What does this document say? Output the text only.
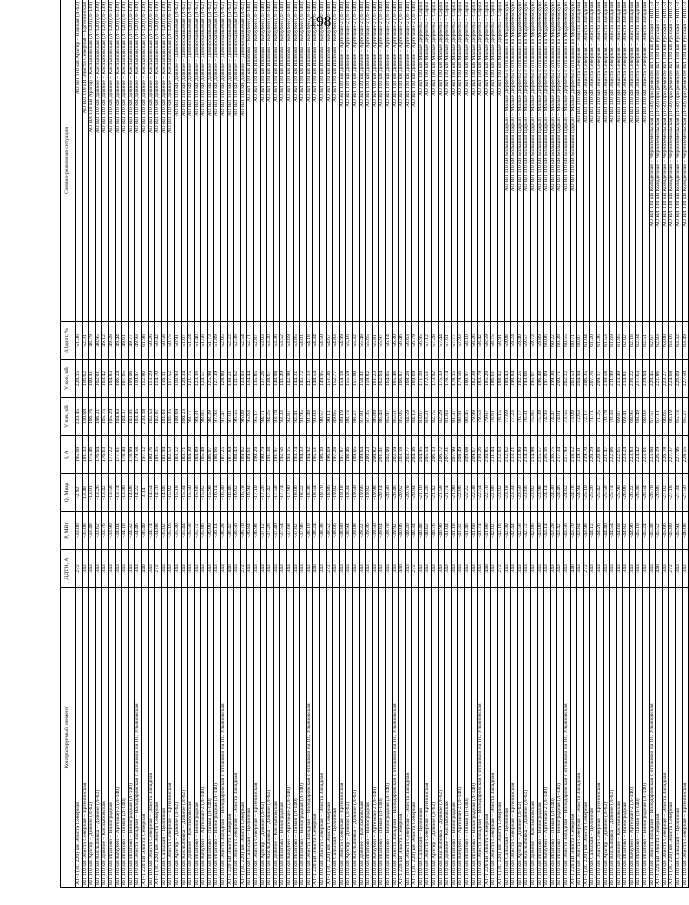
198
Контролируемый элемент	ДДТН, А	P, МВт	Q, Мвар	I, А	V нач, кВ	V кон, кВ	Δ Iдопт, %	Схемно-режимная ситуация
АТ-1 (3С 220) кВ Элиста Северная	272	-33.00	-2.92	195.60	233.45	220.15	51.36	АО ВЛ 110 кВ Арзгир – Южная (Л-62)
ВЛ 110 кВ Элиста Северная – Ергенинская	343	-35.08	13.48	181.33	110.68	116.62	52.31	АО ВЛ 110 кВ Элиста Северная – Ергенинская
ВЛ 110 кВ Арзгир – Дивное (Л-62)	343	-33.48	-13.01	175.46	106.76	100.41	48.79	АО ВЛ 110 кВ Арзгир – Кислыбовская (Л-120) (Л-139)
ВЛ 110 кВ Кислыбовка – Дивное (Л-62)	343	-33.62	-13.26	176.04	106.21	102.01	48.95	АО ВЛ 110 кВ Дивное – Кислыбовская (Л-120) (Л-139)
ВЛ 110 кВ Дивное – Кислыбовская	343	-33.76	-13.42	176.63	105.75	103.42	49.12	АО ВЛ 110 кВ Дивное – Кислыбовская (Л-120) (Л-139)
ВЛ 110 кВ Ипатово – Виноградная	343	-33.90	-13.58	177.22	105.29	104.83	49.28	АО ВЛ 110 кВ Дивное – Кислыбовская (Л-120) (Л-139)
ВЛ 110 кВ Кочубей – Артезиан-2 (Л-140)	343	-34.04	-13.74	177.81	104.83	106.24	49.44	АО ВЛ 110 кВ Дивное – Кислыбовская (Л-120) (Л-139)
ВЛ 110 кВ Ипатово – Лиман (Л-140)	343	-34.18	-13.90	178.40	104.37	107.65	49.61	АО ВЛ 110 кВ Дивное – Кислыбовская (Л-120) (Л-139)
ВЛ 110 кВ Ипатово – Виноградная (Л-140)	343	-34.32	-14.06	178.99	103.91	109.06	49.77	АО ВЛ 110 кВ Дивное – Кислыбовская (Л-120) (Л-139)
ВЛ 110 кВ Элиста Западная – Володаровская с отпайкой на ПС Ульяновская	343	-34.46	-14.22	179.58	103.45	110.47	49.93	АО ВЛ 110 кВ Дивное – Кислыбовская (Л-120) (Л-139)
АТ-1 220 кВ Элиста Северная	440	-36.40	3.14	197.12	210.18	112.80	61.98	АО ВЛ 110 кВ Дивное – Кислыбовская (Л-120) (Л-139)
ВЛ 110 кВ Элиста Северная – Элиста Западная	343	-34.74	-14.54	180.76	102.53	113.29	50.26	АО ВЛ 110 кВ Дивное – Кислыбовская (Л-120) (Л-139)
АТ-1 (3С 220) кВ Элиста Северная	272	-34.88	-14.70	181.35	102.07	114.70	50.42	АО ВЛ 110 кВ Дивное – Кислыбовская (Л-120) (Л-139)
ВЛ 110 кВ Сальская – Целинная	343	-35.02	-14.86	181.94	101.61	116.11	50.58	АО ВЛ 110 кВ Дивное – Кислыбовская (Л-120) (Л-139)
ВЛ 110 кВ Элиста Северная – Ергенинская	343	-35.16	-15.02	182.53	101.15	117.52	50.75	АО ВЛ 110 кВ Дивное – Кислыбовская (Л-120) (Л-139)
ВЛ 110 кВ Арзгир – Дивное (Л-62)	343	-35.30	-15.18	183.12	100.69	118.93	50.91	АО ВЛ 110 кВ Дивное – Дивноскамьевая (Л-62)
ВЛ 110 кВ Кислыбовка – Дивное (Л-62)	343	-35.44	-15.34	183.71	100.23	120.34	51.07	АО ВЛ 110 кВ Дивное – Дивноскамьевая (Л-62)
ВЛ 110 кВ Дивное – Кислыбовская	343	-35.58	-15.50	184.30	99.77	121.75	51.24	АО ВЛ 110 кВ Дивное – Дивноскамьевая (Л-62)
ВЛ 110 кВ Ипатово – Виноградная	343	-35.72	-15.66	184.89	99.31	123.16	51.40	АО ВЛ 110 кВ Дивное – Дивноскамьевая (Л-62)
ВЛ 110 кВ Кочубей – Артезиан-2 (Л-140)	343	-35.86	-15.82	185.48	98.85	124.57	51.56	АО ВЛ 110 кВ Дивное – Дивноскамьевая (Л-62)
ВЛ 110 кВ Ипатово – Лиман (Л-140)	343	-36.00	-15.98	186.07	98.39	125.98	51.73	АО ВЛ 110 кВ Дивное – Дивноскамьевая (Л-62)
ВЛ 110 кВ Ипатово – Виноградная (Л-140)	343	-36.14	-16.14	186.66	97.93	127.39	51.89	АО ВЛ 110 кВ Дивное – Дивноскамьевая (Л-62)
ВЛ 110 кВ Элиста Западная – Володаровская с отпайкой на ПС Ульяновская	343	-36.28	-16.30	187.25	97.47	128.80	52.05	АО ВЛ 110 кВ Дивное – Дивноскамьевая (Л-62)
АТ-1 220 кВ Элиста Северная	440	-36.42	-16.46	187.84	97.01	130.21	52.22	АО ВЛ 110 кВ Дивное – Дивноскамьевая (Л-62)
ВЛ 110 кВ Элиста Северная – Элиста Западная	343	-36.56	-16.62	188.43	96.55	131.62	52.38	АО ВЛ 110 кВ Дивное – Дивноскамьевая (Л-62)
АТ-1 (3С 220) кВ Элиста Северная	272	-36.70	-16.78	189.02	96.09	133.03	52.54	АО ВЛ 110 кВ Дивное – Дивноскамьевая (Л-62)
ВЛ 110 кВ Сальская – Целинная	343	-36.84	-16.94	189.61	95.63	134.44	52.71	АО ВЛ 110 кВ Ипатово – Кочубей (Л-140)
ВЛ 110 кВ Элиста Северная – Ергенинская	343	-36.98	-17.10	190.20	95.17	135.85	52.87	АО ВЛ 110 кВ Ипатово – Кочубей (Л-140)
ВЛ 110 кВ Арзгир – Дивное (Л-62)	343	-37.12	-17.26	190.79	94.71	137.26	53.03	АО ВЛ 110 кВ Ипатово – Кочубей (Л-140)
ВЛ 110 кВ Кислыбовка – Дивное (Л-62)	343	-37.26	-17.42	191.38	94.25	138.67	53.20	АО ВЛ 110 кВ Ипатово – Кочубей (Л-140)
ВЛ 110 кВ Дивное – Кислыбовская	343	-37.40	-17.58	191.97	93.79	140.08	53.36	АО ВЛ 110 кВ Ипатово – Кочубей (Л-140)
ВЛ 110 кВ Ипатово – Виноградная	343	-37.54	-17.74	192.56	93.33	141.49	53.52	АО ВЛ 110 кВ Ипатово – Кочубей (Л-140)
ВЛ 110 кВ Кочубей – Артезиан-2 (Л-140)	343	-37.68	-17.90	193.15	92.87	142.90	53.69	АО ВЛ 110 кВ Ипатово – Кочубей (Л-140)
ВЛ 110 кВ Ипатово – Лиман (Л-140)	343	-37.82	-18.06	193.74	92.41	144.31	53.85	АО ВЛ 110 кВ Ипатово – Кочубей (Л-140)
ВЛ 110 кВ Ипатово – Виноградная (Л-140)	343	-37.96	-18.22	194.33	91.95	145.72	54.01	АО ВЛ 110 кВ Ипатово – Кочубей (Л-140)
ВЛ 110 кВ Элиста Западная – Володаровская с отпайкой на ПС Ульяновская	343	-38.10	-18.38	194.92	91.49	147.13	54.18	АО ВЛ 110 кВ Ипатово – Кочубей (Л-140)
АТ-1 220 кВ Элиста Северная	440	-38.24	-18.54	195.51	91.03	148.54	54.34	АО ВЛ 110 кВ Ипатово – Кочубей (Л-140)
ВЛ 110 кВ Элиста Северная – Элиста Западная	343	-38.38	-18.70	196.10	90.57	149.95	54.50	АО ВЛ 110 кВ Ипатово – Кочубей (Л-140)
АТ-1 (3С 220) кВ Элиста Северная	272	-38.52	-18.86	196.69	90.11	151.36	54.67	АО ВЛ 110 кВ Ипатово – Кочубей (Л-140)
ВЛ 110 кВ Сальская – Целинная	343	-38.66	-19.02	197.28	89.65	152.77	54.83	АО ВЛ 110 кВ Ипатово – Кочубей (Л-140)
ВЛ 110 кВ Элиста Северная – Ергенинская	343	-38.80	-19.18	197.87	89.19	154.18	54.99	АО ВЛ 110 кВ Дивное – Артезиан-2 (Л-140)
ВЛ 110 кВ Арзгир – Дивное (Л-62)	343	-38.94	-19.34	198.46	88.73	155.59	55.16	АО ВЛ 110 кВ Дивное – Артезиан-2 (Л-140)
ВЛ 110 кВ Кислыбовка – Дивное (Л-62)	343	-39.08	-19.50	199.05	88.27	157.00	55.32	АО ВЛ 110 кВ Дивное – Артезиан-2 (Л-140)
ВЛ 110 кВ Дивное – Кислыбовская	343	-39.22	-19.66	199.64	87.81	158.41	55.48	АО ВЛ 110 кВ Дивное – Артезиан-2 (Л-140)
ВЛ 110 кВ Ипатово – Виноградная	343	-39.36	-19.82	200.23	87.35	159.82	55.65	АО ВЛ 110 кВ Дивное – Артезиан-2 (Л-140)
ВЛ 110 кВ Кочубей – Артезиан-2 (Л-140)	343	-39.50	-19.98	200.82	86.89	161.23	55.81	АО ВЛ 110 кВ Дивное – Артезиан-2 (Л-140)
ВЛ 110 кВ Ипатово – Лиман (Л-140)	343	-39.64	-20.14	201.41	86.43	162.64	55.97	АО ВЛ 110 кВ Дивное – Артезиан-2 (Л-140)
ВЛ 110 кВ Ипатово – Виноградная (Л-140)	343	-39.78	-20.30	202.00	85.97	164.05	56.14	АО ВЛ 110 кВ Дивное – Артезиан-2 (Л-140)
ВЛ 110 кВ Элиста Западная – Володаровская с отпайкой на ПС Ульяновская	343	-39.92	-20.46	202.59	85.51	165.46	56.30	АО ВЛ 110 кВ Дивное – Артезиан-2 (Л-140)
АТ-1 220 кВ Элиста Северная	440	-40.06	-20.62	203.18	85.05	166.87	56.46	АО ВЛ 110 кВ Дивное – Артезиан-2 (Л-140)
ВЛ 110 кВ Элиста Северная – Элиста Западная	343	-40.20	-20.78	203.77	84.59	168.28	56.63	АО ВЛ 110 кВ Дивное – Артезиан-2 (Л-140)
АТ-1 (3С 220) кВ Элиста Северная	272	-40.34	-20.94	204.36	84.13	169.69	56.79	АО ВЛ 110 кВ Дивное – Артезиан-2 (Л-140)
ВЛ 110 кВ Сальская – Целинная	343	-40.48	-21.10	204.95	83.67	171.10	56.95	АО ВЛ 110 кВ Малые Дербеты – Сарпа
ВЛ 110 кВ Элиста Северная – Ергенинская	343	-40.62	-21.26	205.54	83.21	172.51	57.12	АО ВЛ 110 кВ Малые Дербеты – Сарпа
ВЛ 110 кВ Арзгир – Дивное (Л-62)	343	-40.76	-21.42	206.13	82.75	173.92	57.28	АО ВЛ 110 кВ Малые Дербеты – Сарпа
ВЛ 110 кВ Кислыбовка – Дивное (Л-62)	343	-40.90	-21.58	206.72	82.29	175.33	57.44	АО ВЛ 110 кВ Малые Дербеты – Сарпа
ВЛ 110 кВ Дивное – Кислыбовская	343	-41.04	-21.74	207.31	81.83	176.74	57.61	АО ВЛ 110 кВ Малые Дербеты – Сарпа
ВЛ 110 кВ Ипатово – Виноградная	343	-41.18	-21.90	207.90	81.37	178.15	57.77	АО ВЛ 110 кВ Малые Дербеты – Сарпа
ВЛ 110 кВ Кочубей – Артезиан-2 (Л-140)	343	-41.32	-22.06	208.49	80.91	179.56	57.93	АО ВЛ 110 кВ Малые Дербеты – Сарпа
ВЛ 110 кВ Ипатово – Лиман (Л-140)	343	-41.46	-22.22	209.08	80.45	180.97	58.10	АО ВЛ 110 кВ Малые Дербеты – Сарпа
ВЛ 110 кВ Ипатово – Виноградная (Л-140)	343	-41.60	-22.38	209.67	79.99	182.38	58.26	АО ВЛ 110 кВ Малые Дербеты – Сарпа
ВЛ 110 кВ Элиста Западная – Володаровская с отпайкой на ПС Ульяновская	343	-41.74	-22.54	210.26	79.53	183.79	58.42	АО ВЛ 110 кВ Малые Дербеты – Сарпа
АТ-1 220 кВ Элиста Северная	440	-41.88	-22.70	210.85	79.07	185.20	58.59	АО ВЛ 110 кВ Малые Дербеты – Сарпа
ВЛ 110 кВ Элиста Северная – Элиста Западная	343	-42.02	-22.86	211.44	78.61	186.61	58.75	АО ВЛ 110 кВ Малые Дербеты – Сарпа
АТ-1 (3С 220) кВ Элиста Северная	272	-42.16	-23.02	212.03	78.15	188.02	58.91	АО ВЛ 110 кВ Малые Дербеты – Сарпа
ВЛ 110 кВ Сальская – Целинная	343	-42.30	-23.18	212.62	77.69	189.43	59.08	АО ВЛ 110 кВ Большой Царын – Малые Дербеты с отпайкой на Модобеевскую
ВЛ 110 кВ Элиста Северная – Ергенинская	343	-42.44	-23.34	213.21	77.23	190.84	59.24	АО ВЛ 110 кВ Большой Царын – Малые Дербеты с отпайкой на Модобеевскую
ВЛ 110 кВ Арзгир – Дивное (Л-62)	343	-42.58	-23.50	213.80	76.77	192.25	59.40	АО ВЛ 110 кВ Большой Царын – Малые Дербеты с отпайкой на Модобеевскую
ВЛ 110 кВ Кислыбовка – Дивное (Л-62)	343	-42.72	-23.66	214.39	76.31	193.66	59.57	АО ВЛ 110 кВ Большой Царын – Малые Дербеты с отпайкой на Модобеевскую
ВЛ 110 кВ Дивное – Кислыбовская	343	-42.86	-23.82	214.98	75.85	195.07	59.73	АО ВЛ 110 кВ Большой Царын – Малые Дербеты с отпайкой на Модобеевскую
ВЛ 110 кВ Ипатово – Виноградная	343	-43.00	-23.98	215.57	75.39	196.48	59.89	АО ВЛ 110 кВ Большой Царын – Малые Дербеты с отпайкой на Модобеевскую
ВЛ 110 кВ Кочубей – Артезиан-2 (Л-140)	343	-43.14	-24.14	216.16	74.93	197.89	60.06	АО ВЛ 110 кВ Большой Царын – Малые Дербеты с отпайкой на Модобеевскую
ВЛ 110 кВ Ипатово – Лиман (Л-140)	343	-43.28	-24.30	216.75	74.47	199.30	60.22	АО ВЛ 110 кВ Большой Царын – Малые Дербеты с отпайкой на Модобеевскую
ВЛ 110 кВ Ипатово – Виноградная (Л-140)	343	-43.42	-24.46	217.34	74.01	200.71	60.38	АО ВЛ 110 кВ Большой Царын – Малые Дербеты с отпайкой на Модобеевскую
ВЛ 110 кВ Элиста Западная – Володаровская с отпайкой на ПС Ульяновская	343	-43.56	-24.62	217.93	73.55	202.12	60.55	АО ВЛ 110 кВ Большой Царын – Малые Дербеты с отпайкой на Модобеевскую
АТ-1 220 кВ Элиста Северная	440	-43.70	-24.78	218.52	73.09	203.53	60.71	АО ВЛ 110 кВ Большой Царын – Малые Дербеты с отпайкой на Модобеевскую
ВЛ 110 кВ Элиста Северная – Элиста Западная	343	-43.84	-24.94	219.11	72.63	204.94	60.87	АО ВЛ 110 кВ Элиста Северная – Элиста Западная
АТ-1 (3С 220) кВ Элиста Северная	272	-43.98	-25.10	219.70	72.17	206.35	61.04	АО ВЛ 110 кВ Элиста Северная – Элиста Западная
ВЛ 110 кВ Сальская – Целинная	343	-44.12	-25.26	220.29	71.71	207.76	61.20	АО ВЛ 110 кВ Элиста Северная – Элиста Западная
ВЛ 110 кВ Элиста Северная – Ергенинская	343	-44.26	-25.42	220.88	71.25	209.17	61.36	АО ВЛ 110 кВ Элиста Северная – Элиста Западная
ВЛ 110 кВ Арзгир – Дивное (Л-62)	343	-44.40	-25.58	221.47	70.79	210.58	61.53	АО ВЛ 110 кВ Элиста Северная – Элиста Западная
ВЛ 110 кВ Кислыбовка – Дивное (Л-62)	343	-44.54	-25.74	222.06	70.33	211.99	61.69	АО ВЛ 110 кВ Элиста Северная – Элиста Западная
ВЛ 110 кВ Дивное – Кислыбовская	343	-44.68	-25.90	222.65	69.87	213.40	61.85	АО ВЛ 110 кВ Элиста Северная – Элиста Западная
ВЛ 110 кВ Ипатово – Виноградная	343	-44.82	-26.06	223.24	69.41	214.81	62.02	АО ВЛ 110 кВ Элиста Северная – Элиста Западная
ВЛ 110 кВ Кочубей – Артезиан-2 (Л-140)	343	-44.96	-26.22	223.83	68.95	216.22	62.18	АО ВЛ 110 кВ Элиста Северная – Элиста Западная
ВЛ 110 кВ Ипатово – Лиман (Л-140)	343	-45.10	-26.38	224.42	68.49	217.63	62.34	АО ВЛ 110 кВ Элиста Северная – Элиста Западная
ВЛ 110 кВ Ипатово – Виноградная (Л-140)	343	-45.24	-26.54	225.01	68.03	219.04	62.51	АО ВЛ 110 кВ Элиста Северная – Элиста Западная
ВЛ 110 кВ Элиста Западная – Володаровская с отпайкой на ПС Ульяновская	343	-45.38	-26.70	225.60	67.57	220.45	62.67	АО ВЛ 110 кВ Колодезная – Черноземельская (Л-50) при ремонте ВЛ 110 кВ Русская – НПС-3
АТ-1 220 кВ Элиста Северная	440	-45.52	-26.86	226.19	67.11	221.86	62.83	АО ВЛ 110 кВ Колодезная – Черноземельская (Л-50) при ремонте ВЛ 110 кВ Русская – НПС-3
ВЛ 110 кВ Элиста Северная – Элиста Западная	343	-45.66	-27.02	226.78	66.65	223.27	63.00	АО ВЛ 110 кВ Колодезная – Черноземельская (Л-50) при ремонте ВЛ 110 кВ Русская – НПС-3
АТ-1 (3С 220) кВ Элиста Северная	272	-45.80	-27.18	227.37	66.19	224.68	63.16	АО ВЛ 110 кВ Колодезная – Черноземельская (Л-50) при ремонте ВЛ 110 кВ Русская – НПС-3
ВЛ 110 кВ Сальская – Целинная	343	-45.94	-27.34	227.96	65.73	226.09	63.32	АО ВЛ 110 кВ Колодезная – Черноземельская (Л-50) при ремонте ВЛ 110 кВ Русская – НПС-3
ВЛ 110 кВ Элиста Северная – Ергенинская	343	-46.08	-27.50	228.55	65.27	227.50	63.49	АО ВЛ 110 кВ Колодезная – Черноземельская (Л-50) при ремонте ВЛ 110 кВ Русская – НПС-3
